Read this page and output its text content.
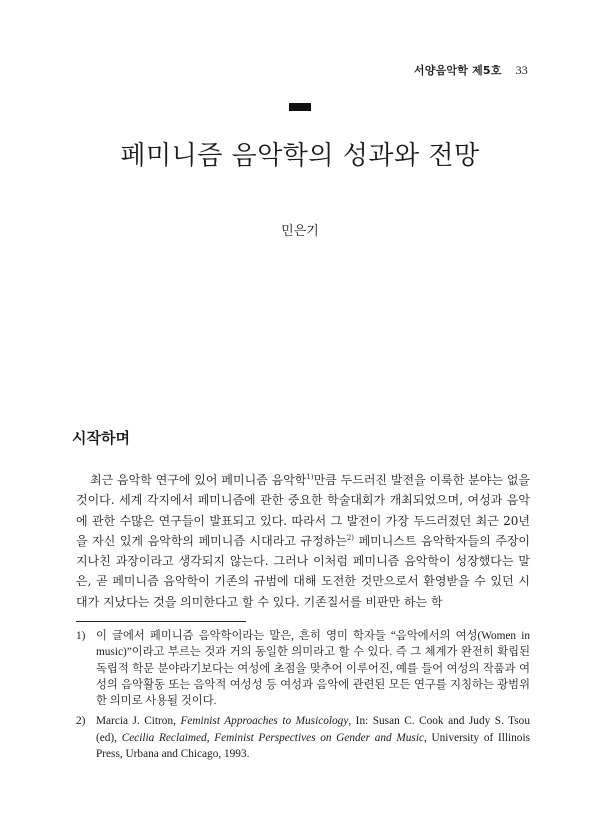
서양음악학 제5호 33
페미니즘 음악학의 성과와 전망
민은기
시작하며

최근 음악학 연구에 있어 페미니즘 음악학$^{1)}$만큼 두드러진 발전을 이룩한 분야는 없을 것이다. 세계 각지에서 페미니즘에 관한 중요한 학술대회가 개최되었으며, 여성과 음악에 관한 수많은 연구들이 발표되고 있다. 따라서 그 발전이 가장 두드러졌던 최근 20년을 자신 있게 음악학의 페미니즘 시대라고 규정하는$^{2)}$ 페미니스트 음악학자들의 주장이 지나친 과장이라고 생각되지 않는다. 그러나 이처럼 페미니즘 음악학이 성장했다는 말은, 곧 페미니즘 음악학이 기존의 규범에 대해 도전한 것만으로서 환영받을 수 있던 시대가 지났다는 것을 의미한다고 할 수 있다. 기존질서를 비판만 하는 학

1) 이 글에서 페미니즘 음악학이라는 말은, 흔히 영미 학자들 “음악에서의 여성(Women in music)”이라고 부르는 것과 거의 동일한 의미라고 할 수 있다. 즉 그 체계가 완전히 확립된 독립적 학문 분야라기보다는 여성에 초점을 맞추어 이루어진, 예를 들어 여성의 작품과 여성의 음악활동 또는 음악적 여성성 등 여성과 음악에 관련된 모든 연구를 지칭하는 광범위한 의미로 사용될 것이다.
2) Marcia J. Citron, Feminist Approaches to Musicology, In: Susan C. Cook and Judy S. Tsou (ed), Cecilia Reclaimed, Feminist Perspectives on Gender and Music, University of Illinois Press, Urbana and Chicago, 1993.
